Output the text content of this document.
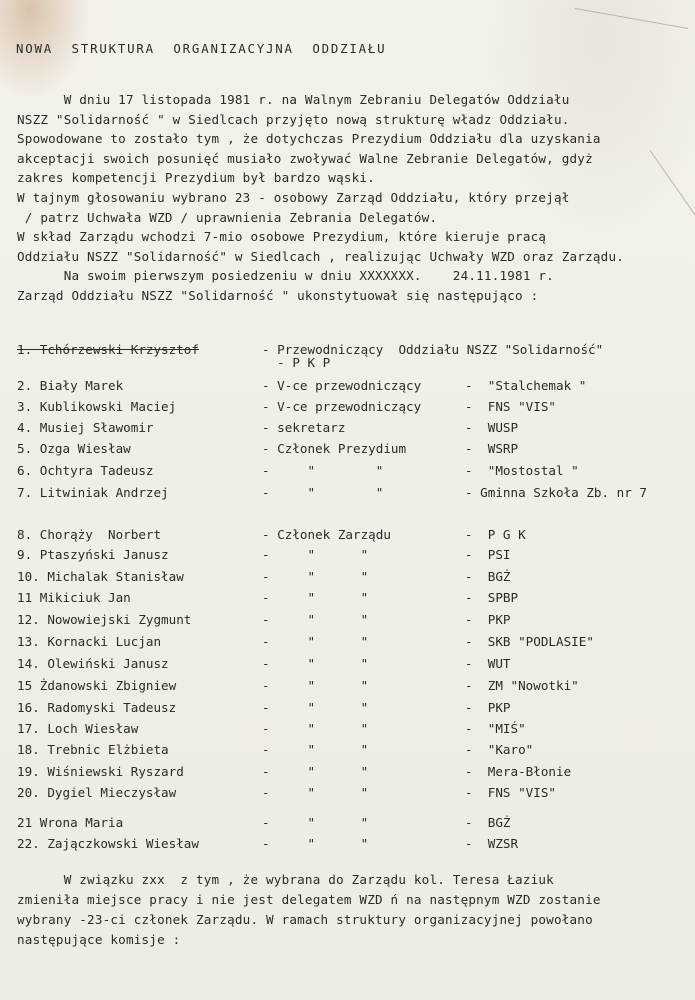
NOWA  STRUKTURA  ORGANIZACYJNA  ODDZIAŁU
W dniu 17 listopada 1981 r. na Walnym Zebraniu Delegatów Oddziału
NSZZ "Solidarność " w Siedlcach przyjęto nową strukturę władz Oddziału.
Spowodowane to zostało tym , że dotychczas Prezydium Oddziału dla uzyskania
akceptacji swoich posunięć musiało zwoływać Walne Zebranie Delegatów, gdyż
zakres kompetencji Prezydium był bardzo wąski.
W tajnym głosowaniu wybrano 23 - osobowy Zarząd Oddziału, który przejął
/ patrz Uchwała WZD / uprawnienia Zebrania Delegatów.
W skład Zarządu wchodzi 7-mio osobowe Prezydium, które kieruje pracą
Oddziału NSZZ "Solidarność" w Siedlcach , realizując Uchwały WZD oraz Zarządu.
Na swoim pierwszym posiedzeniu w dniu XXXXXXX.    24.11.1981 r.
Zarząd Oddziału NSZZ "Solidarność " ukonstytuował się następująco :
1. Tchórzewski Krzysztof	- Przewodniczący  Oddziału NSZZ "Solidarność"
- P K P
2. Biały Marek	- V-ce przewodniczący	-  "Stalchemak "
3. Kublikowski Maciej	- V-ce przewodniczący	-  FNS "VIS"
4. Musiej Sławomir	- sekretarz	-  WUSP
5. Ozga Wiesław	- Członek Prezydium	-  WSRP
6. Ochtyra Tadeusz	-     "        "	-  "Mostostal "
7. Litwiniak Andrzej	-     "        "	- Gminna Szkoła Zb. nr 7
8. Chorąży  Norbert	- Członek Zarządu	-  P G K
9. Ptaszyński Janusz	-     "      "	-  PSI
10. Michalak Stanisław	-     "      "	-  BGŻ
11 Mikiciuk Jan	-     "      "	-  SPBP
12. Nowowiejski Zygmunt	-     "      "	-  PKP
13. Kornacki Lucjan	-     "      "	-  SKB "PODLASIE"
14. Olewiński Janusz	-     "      "	-  WUT
15 Żdanowski Zbigniew	-     "      "	-  ZM "Nowotki"
16. Radomyski Tadeusz	-     "      "	-  PKP
17. Loch Wiesław	-     "      "	-  "MIŚ"
18. Trebnic Elżbieta	-     "      "	-  "Karo"
19. Wiśniewski Ryszard	-     "      "	-  Mera-Błonie
20. Dygiel Mieczysław	-     "      "	-  FNS "VIS"
21 Wrona Maria	-     "      "	-  BGŻ
22. Zajączkowski Wiesław	-     "      "	-  WZSR
W związku zxx  z tym , że wybrana do Zarządu kol. Teresa Łaziuk
zmieniła miejsce pracy i nie jest delegatem WZD ń na następnym WZD zostanie
wybrany -23-ci członek Zarządu. W ramach struktury organizacyjnej powołano
następujące komisje :
